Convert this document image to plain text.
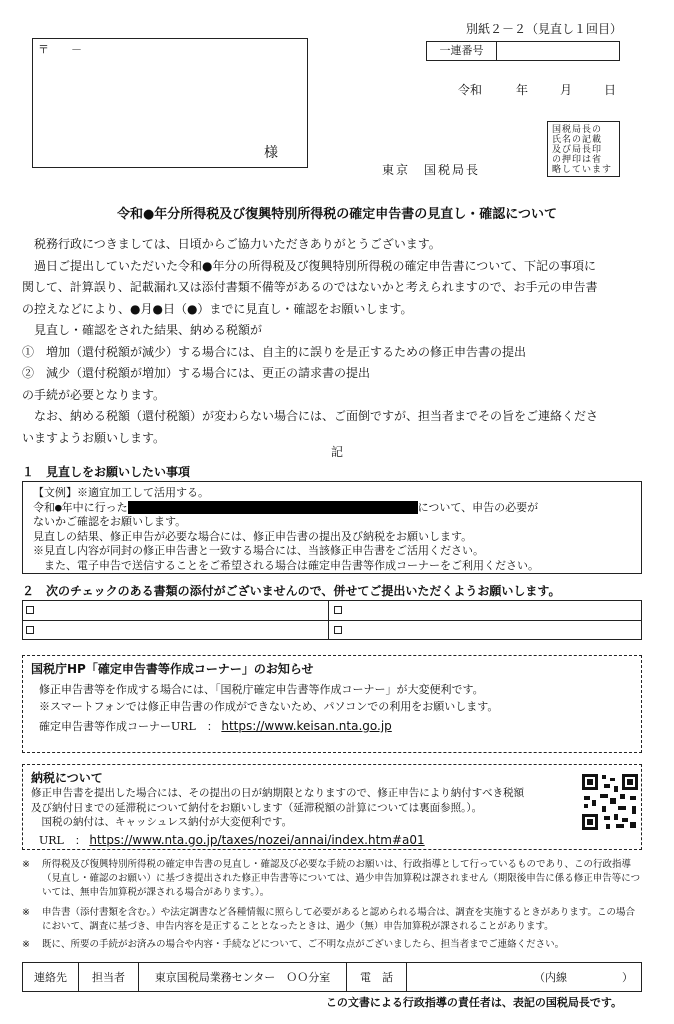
〒　　－
様
別紙２－２（見直し１回目）
一連番号
令和	年	月	日
東京　国税局長
国税局長の
氏名の記載
及び局長印
の押印は省
略しています
令和●年分所得税及び復興特別所得税の確定申告書の見直し・確認について
　税務行政につきましては、日頃からご協力いただきありがとうございます。
　過日ご提出していただいた令和●年分の所得税及び復興特別所得税の確定申告書について、下記の事項に
関して、計算誤り、記載漏れ又は添付書類不備等があるのではないかと考えられますので、お手元の申告書
の控えなどにより、●月●日（●）までに見直し・確認をお願いします。
　見直し・確認をされた結果、納める税額が
①　増加（還付税額が減少）する場合には、自主的に誤りを是正するための修正申告書の提出
②　減少（還付税額が増加）する場合には、更正の請求書の提出
の手続が必要となります。
　なお、納める税額（還付税額）が変わらない場合には、ご面倒ですが、担当者までその旨をご連絡くださ
いますようお願いします。
記
１　見直しをお願いしたい事項
【文例】※適宜加工して活用する。
令和●年中に行った	について、申告の必要が
ないかご確認をお願いします。
見直しの結果、修正申告が必要な場合には、修正申告書の提出及び納税をお願いします。
※見直し内容が同封の修正申告書と一致する場合には、当該修正申告書をご活用ください。
　また、電子申告で送信することをご希望される場合は確定申告書等作成コーナーをご利用ください。
２　次のチェックのある書類の添付がございませんので、併せてご提出いただくようお願いします。
国税庁HP「確定申告書等作成コーナー」のお知らせ
修正申告書等を作成する場合には、「国税庁確定申告書等作成コーナー」が大変便利です。
※スマートフォンでは修正申告書の作成ができないため、パソコンでの利用をお願いします。
確定申告書等作成コーナーURL　： https://www.keisan.nta.go.jp
納税について
修正申告書を提出した場合には、その提出の日が納期限となりますので、修正申告により納付すべき税額
及び納付日までの延滞税について納付をお願いします（延滞税額の計算については裏面参照。）。
　国税の納付は、キャッシュレス納付が大変便利です。
URL　： https://www.nta.go.jp/taxes/nozei/annai/index.htm#a01
※	所得税及び復興特別所得税の確定申告書の見直し・確認及び必要な手続のお願いは、行政指導として行っているものであり、この行政指導（見直し・確認のお願い）に基づき提出された修正申告書等については、過少申告加算税は課されません（期限後申告に係る修正申告等については、無申告加算税が課される場合があります。）。
※	申告書（添付書類を含む。）や法定調書など各種情報に照らして必要があると認められる場合は、調査を実施するときがあります。この場合において、調査に基づき、申告内容を是正することとなったときは、過少（無）申告加算税が課されることがあります。
※	既に、所要の手続がお済みの場合や内容・手続などについて、ご不明な点がございましたら、担当者までご連絡ください。
連絡先	担当者	東京国税局業務センター　ＯＯ分室	電　話	（内線　　　　　）
この文書による行政指導の責任者は、表記の国税局長です。
